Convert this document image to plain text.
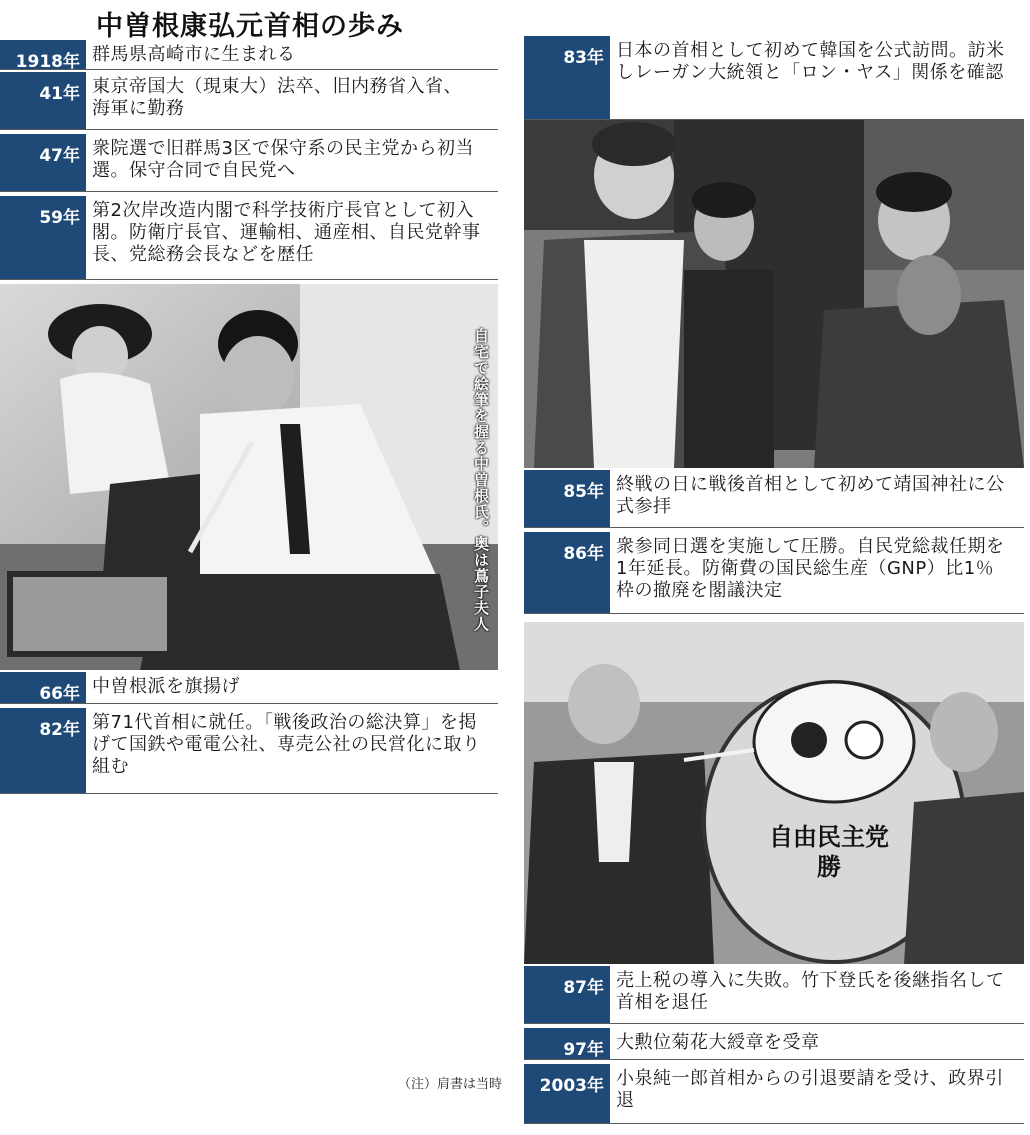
中曽根康弘元首相の歩み
1918年 群馬県高崎市に生まれる
41年 東京帝国大（現東大）法卒、旧内務省入省、海軍に勤務
47年 衆院選で旧群馬3区で保守系の民主党から初当選。保守合同で自民党へ
59年 第2次岸改造内閣で科学技術庁長官として初入閣。防衛庁長官、運輸相、通産相、自民党幹事長、党総務会長などを歴任
自宅で絵筆を握る中曽根氏。奥は蔦子夫人
66年 中曽根派を旗揚げ
82年 第71代首相に就任。「戦後政治の総決算」を掲げて国鉄や電電公社、専売公社の民営化に取り組む
（注）肩書は当時
83年 日本の首相として初めて韓国を公式訪問。訪米しレーガン大統領と「ロン・ヤス」関係を確認
85年 終戦の日に戦後首相として初めて靖国神社に公式参拝
86年 衆参同日選を実施して圧勝。自民党総裁任期を1年延長。防衛費の国民総生産（GNP）比1％枠の撤廃を閣議決定
自由民主党 勝
87年 売上税の導入に失敗。竹下登氏を後継指名して首相を退任
97年 大勲位菊花大綬章を受章
2003年 小泉純一郎首相からの引退要請を受け、政界引退
